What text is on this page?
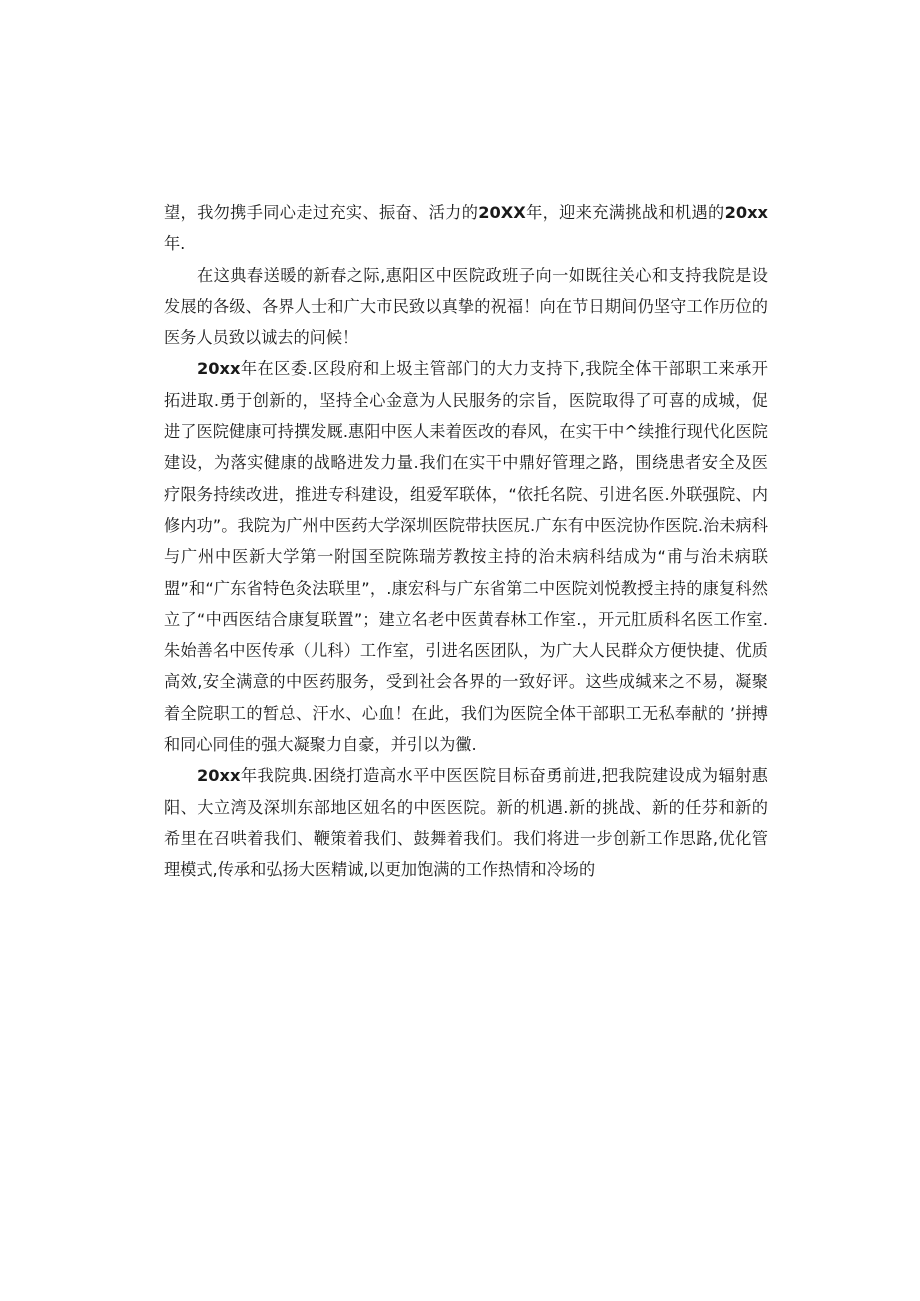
望，我勿携手同心走过充实、振奋、活力的20XX年，迎来充满挑战和机遇的20xx年.

在这典春送暖的新春之际,惠阳区中医院政班子向一如既往关心和支持我院是设发展的各级、各界人士和广大市民致以真挚的祝福！向在节日期间仍坚守工作历位的医务人员致以诚去的问候！

20xx年在区委.区段府和上圾主管部门的大力支持下,我院全体干部职工来承开拓进取.勇于创新的，坚持全心金意为人民服务的宗旨，医院取得了可喜的成城，促进了医院健康可持撰发厩.惠阳中医人耒着医改的春风，在实干中^续推行现代化医院建设，为落实健康的战略进发力量.我们在实干中鼎好管理之路，围绕患者安全及医疗限务持续改进，推进专科建设，组爱军联体，“依托名院、引进名医.外联强院、内修内功”。我院为广州中医药大学深圳医院带扶医尻.广东有中医浣协作医院.治未病科与广州中医新大学第一附国至院陈瑞芳教按主持的治未病科结成为“甫与治未病联盟”和“广东省特色灸法联里”，.康宏科与广东省第二中医院刘悦教授主持的康复科然立了“中西医结合康复联置”；建立名老中医黄春林工作室.，开元肛质科名医工作室.朱始善名中医传承（儿科）工作室，引进名医团队，为广大人民群众方便快捷、优质高效,安全满意的中医药服务，受到社会各界的一致好评。这些成缄来之不易，凝聚着全院职工的暂总、汗水、心血！在此，我们为医院全体干部职工无私奉献的 ’拼搏和同心同佳的强大凝聚力自豪，并引以为黴.

20xx年我院典.困绕打造高水平中医医院目标奋勇前进,把我院建设成为辐射惠阳、大立湾及深圳东部地区妞名的中医医院。新的机遇.新的挑战、新的任芬和新的希里在召哄着我们、鞭策着我们、鼓舞着我们。我们将进一步创新工作思路,优化管理模式,传承和弘扬大医精诚,以更加饱满的工作热情和冷场的
